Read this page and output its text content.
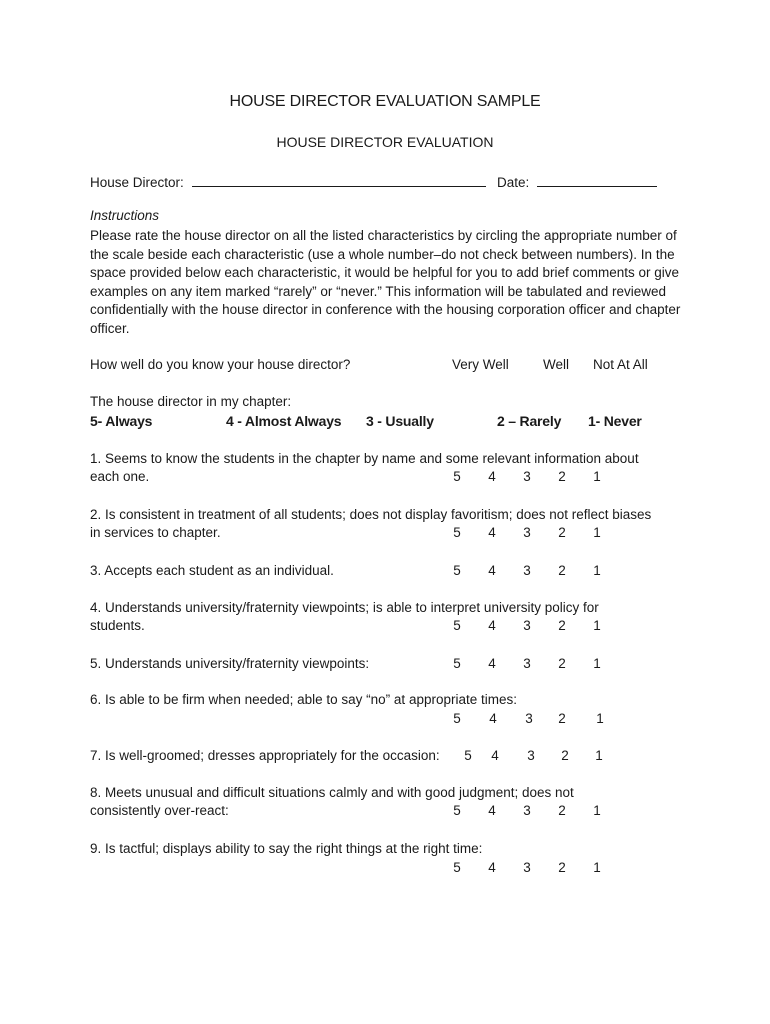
HOUSE DIRECTOR EVALUATION SAMPLE
HOUSE DIRECTOR EVALUATION
House Director:	Date:
Instructions
Please rate the house director on all the listed characteristics by circling the appropriate number of the scale beside each characteristic (use a whole number–do not check between numbers). In the space provided below each characteristic, it would be helpful for you to add brief comments or give examples on any item marked “rarely” or “never.” This information will be tabulated and reviewed confidentially with the house director in conference with the housing corporation officer and chapter officer.
How well do you know your house director?	Very Well	Well Not At All
The house director in my chapter:
5- Always	4 - Almost Always 3 - Usually	2 – Rarely 1- Never
1. Seems to know the students in the chapter by name and some relevant information about
each one.	5 4 3 2 1
2. Is consistent in treatment of all students; does not display favoritism; does not reflect biases
in services to chapter.	5 4 3 2 1
3. Accepts each student as an individual.	5 4 3 2 1
4. Understands university/fraternity viewpoints; is able to interpret university policy for
students.	5 4 3 2 1
5. Understands university/fraternity viewpoints:	5 4 3 2 1
6. Is able to be firm when needed; able to say “no” at appropriate times:
5 4 3 2 1
7. Is well-groomed; dresses appropriately for the occasion: 5 4 3 2 1
8. Meets unusual and difficult situations calmly and with good judgment; does not
consistently over-react:	5 4 3 2 1
9. Is tactful; displays ability to say the right things at the right time:
5 4 3 2 1
